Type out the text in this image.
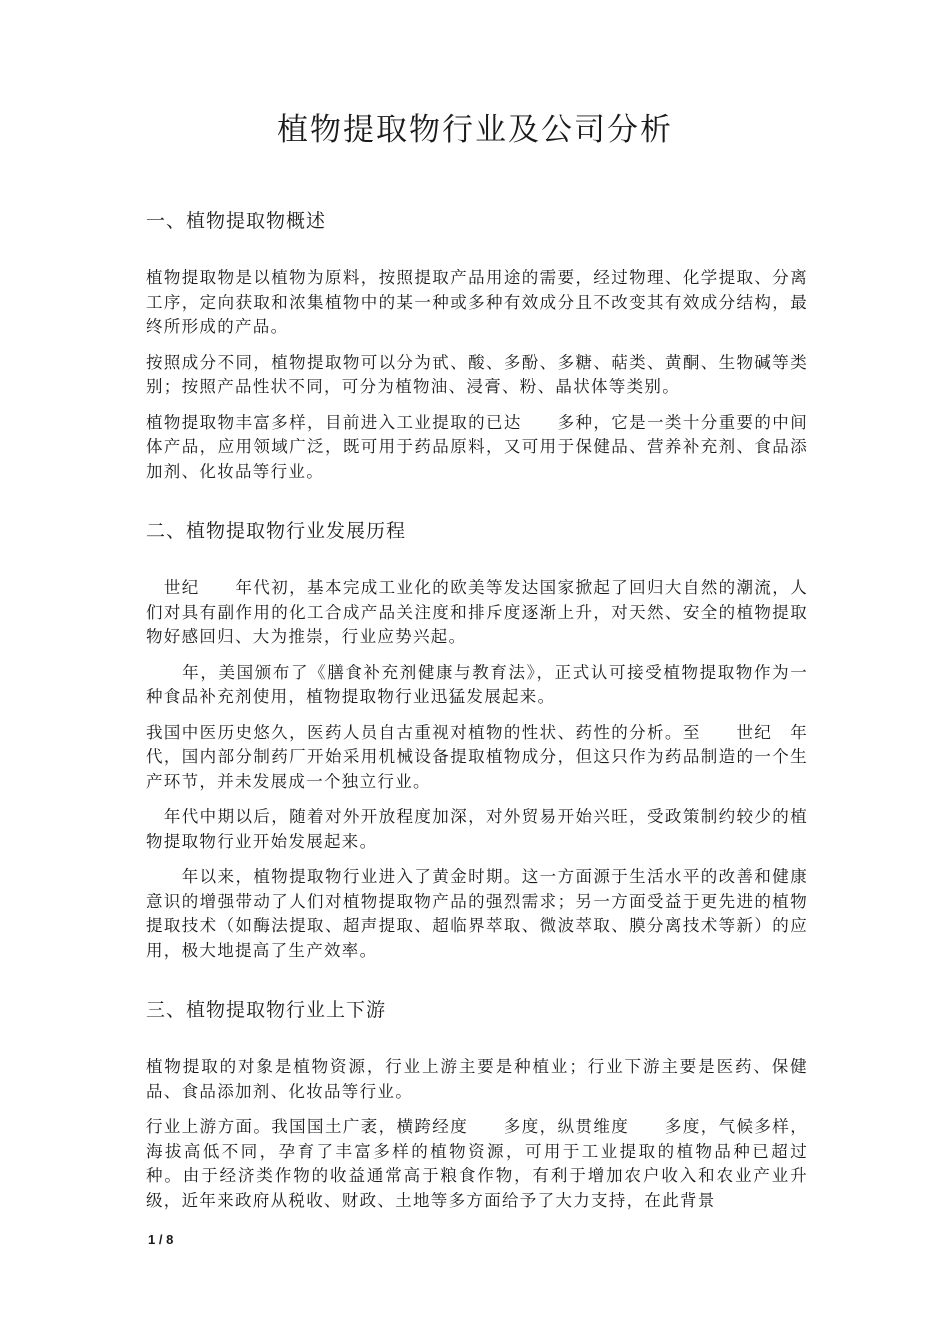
植物提取物行业及公司分析
一、植物提取物概述

植物提取物是以植物为原料，按照提取产品用途的需要，经过物理、化学提取、分离工序，定向获取和浓集植物中的某一种或多种有效成分且不改变其有效成分结构，最终所形成的产品。

按照成分不同，植物提取物可以分为甙、酸、多酚、多糖、萜类、黄酮、生物碱等类别；按照产品性状不同，可分为植物油、浸膏、粉、晶状体等类别。

植物提取物丰富多样，目前进入工业提取的已达　　多种，它是一类十分重要的中间体产品，应用领域广泛，既可用于药品原料，又可用于保健品、营养补充剂、食品添加剂、化妆品等行业。

二、植物提取物行业发展历程

　世纪　　年代初，基本完成工业化的欧美等发达国家掀起了回归大自然的潮流，人们对具有副作用的化工合成产品关注度和排斥度逐渐上升，对天然、安全的植物提取物好感回归、大为推崇，行业应势兴起。

　　年，美国颁布了《膳食补充剂健康与教育法》，正式认可接受植物提取物作为一种食品补充剂使用，植物提取物行业迅猛发展起来。

我国中医历史悠久，医药人员自古重视对植物的性状、药性的分析。至　　世纪　年代，国内部分制药厂开始采用机械设备提取植物成分，但这只作为药品制造的一个生产环节，并未发展成一个独立行业。

　年代中期以后，随着对外开放程度加深，对外贸易开始兴旺，受政策制约较少的植物提取物行业开始发展起来。

　　年以来，植物提取物行业进入了黄金时期。这一方面源于生活水平的改善和健康意识的增强带动了人们对植物提取物产品的强烈需求；另一方面受益于更先进的植物提取技术（如酶法提取、超声提取、超临界萃取、微波萃取、膜分离技术等新）的应用，极大地提高了生产效率。

三、植物提取物行业上下游

植物提取的对象是植物资源，行业上游主要是种植业；行业下游主要是医药、保健品、食品添加剂、化妆品等行业。

行业上游方面。我国国土广袤，横跨经度　　多度，纵贯维度　　多度，气候多样，海拔高低不同，孕育了丰富多样的植物资源，可用于工业提取的植物品种已超过　　种。由于经济类作物的收益通常高于粮食作物，有利于增加农户收入和农业产业升级，近年来政府从税收、财政、土地等多方面给予了大力支持，在此背景

1 / 8
